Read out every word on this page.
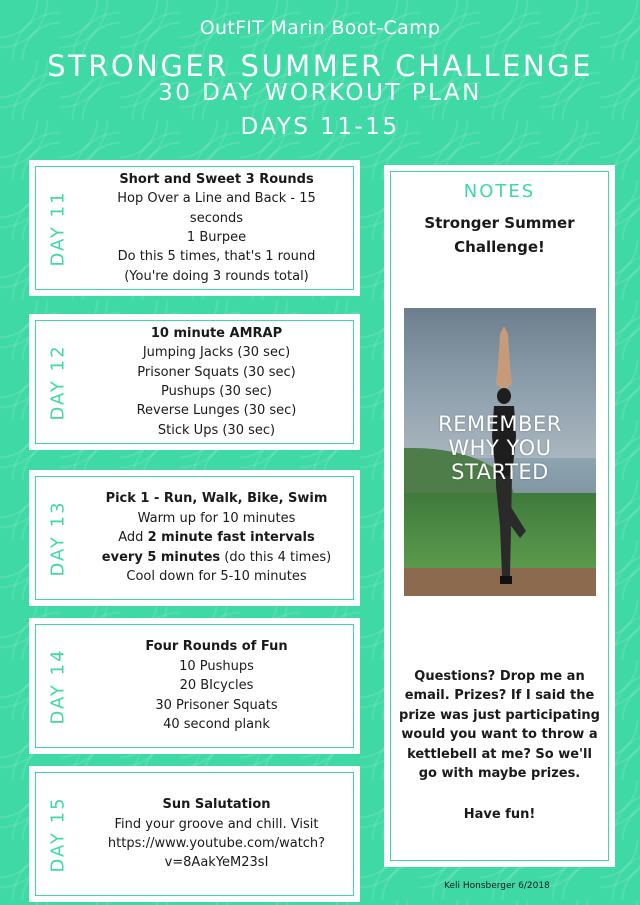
OutFIT Marin Boot-Camp
STRONGER SUMMER CHALLENGE
30 DAY WORKOUT PLAN
DAYS 11-15
DAY 11
Short and Sweet 3 Rounds
Hop Over a Line and Back - 15
seconds
1 Burpee
Do this 5 times, that's 1 round
(You're doing 3 rounds total)
DAY 12
10 minute AMRAP
Jumping Jacks (30 sec)
Prisoner Squats (30 sec)
Pushups (30 sec)
Reverse Lunges (30 sec)
Stick Ups (30 sec)
DAY 13
Pick 1 - Run, Walk, Bike, Swim
Warm up for 10 minutes
Add 2 minute fast intervals
every 5 minutes (do this 4 times)
Cool down for 5-10 minutes
DAY 14
Four Rounds of Fun
10 Pushups
20 BIcycles
30 Prisoner Squats
40 second plank
DAY 15	Sun Salutation
Find your groove and chill. Visit
https://www.youtube.com/watch?
v=8AakYeM23sI
NOTES
Stronger Summer
Challenge!
REMEMBER
WHY YOU
STARTED
Questions? Drop me an
email. Prizes? If I said the
prize was just participating
would you want to throw a
kettlebell at me? So we'll
go with maybe prizes.
Have fun!
Keli Honsberger 6/2018
